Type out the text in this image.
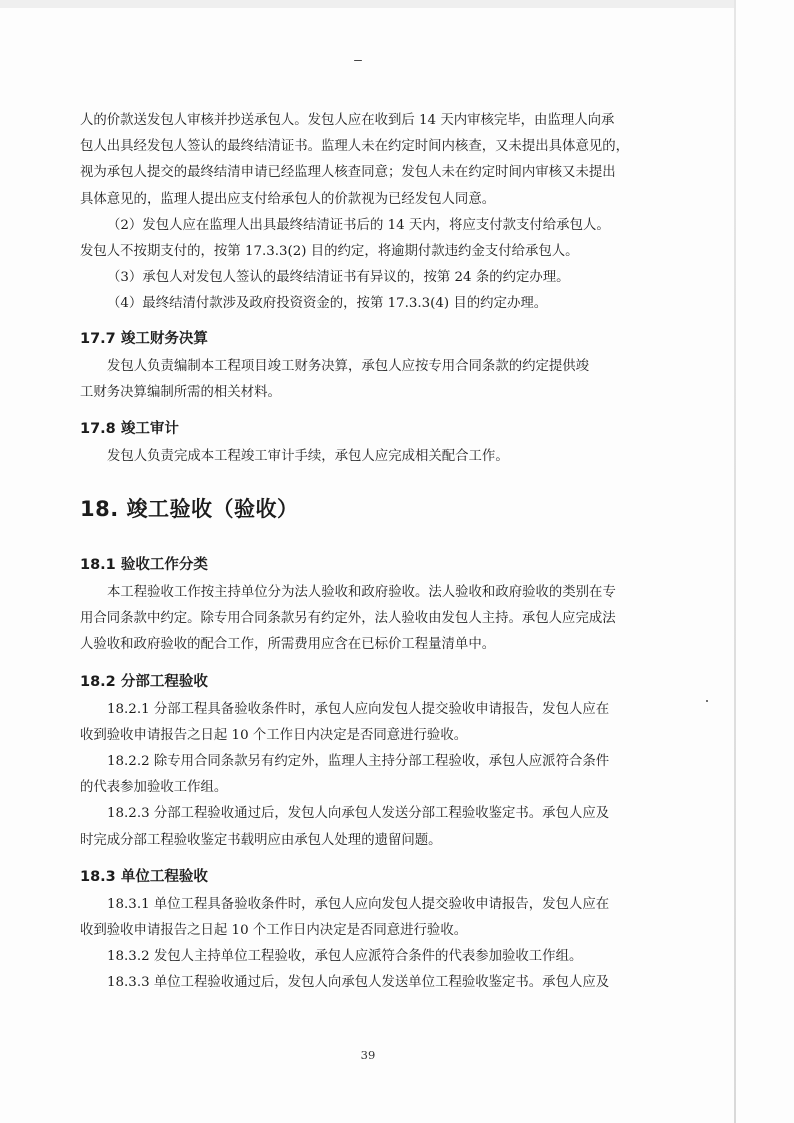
人的价款送发包人审核并抄送承包人。发包人应在收到后 14 天内审核完毕，由监理人向承
包人出具经发包人签认的最终结清证书。监理人未在约定时间内核查，又未提出具体意见的，
视为承包人提交的最终结清申请已经监理人核查同意；发包人未在约定时间内审核又未提出
具体意见的，监理人提出应支付给承包人的价款视为已经发包人同意。
（2）发包人应在监理人出具最终结清证书后的 14 天内，将应支付款支付给承包人。
发包人不按期支付的，按第 17.3.3(2) 目的约定，将逾期付款违约金支付给承包人。
（3）承包人对发包人签认的最终结清证书有异议的，按第 24 条的约定办理。
（4）最终结清付款涉及政府投资资金的，按第 17.3.3(4) 目的约定办理。
17.7 竣工财务决算
发包人负责编制本工程项目竣工财务决算，承包人应按专用合同条款的约定提供竣
工财务决算编制所需的相关材料。
17.8 竣工审计
发包人负责完成本工程竣工审计手续，承包人应完成相关配合工作。
18. 竣工验收（验收）
18.1 验收工作分类
本工程验收工作按主持单位分为法人验收和政府验收。法人验收和政府验收的类别在专
用合同条款中约定。除专用合同条款另有约定外，法人验收由发包人主持。承包人应完成法
人验收和政府验收的配合工作，所需费用应含在已标价工程量清单中。
18.2 分部工程验收
18.2.1 分部工程具备验收条件时，承包人应向发包人提交验收申请报告，发包人应在
收到验收申请报告之日起 10 个工作日内决定是否同意进行验收。
18.2.2 除专用合同条款另有约定外，监理人主持分部工程验收，承包人应派符合条件
的代表参加验收工作组。
18.2.3 分部工程验收通过后，发包人向承包人发送分部工程验收鉴定书。承包人应及
时完成分部工程验收鉴定书载明应由承包人处理的遗留问题。
18.3 单位工程验收
18.3.1 单位工程具备验收条件时，承包人应向发包人提交验收申请报告，发包人应在
收到验收申请报告之日起 10 个工作日内决定是否同意进行验收。
18.3.2 发包人主持单位工程验收，承包人应派符合条件的代表参加验收工作组。
18.3.3 单位工程验收通过后，发包人向承包人发送单位工程验收鉴定书。承包人应及
39
